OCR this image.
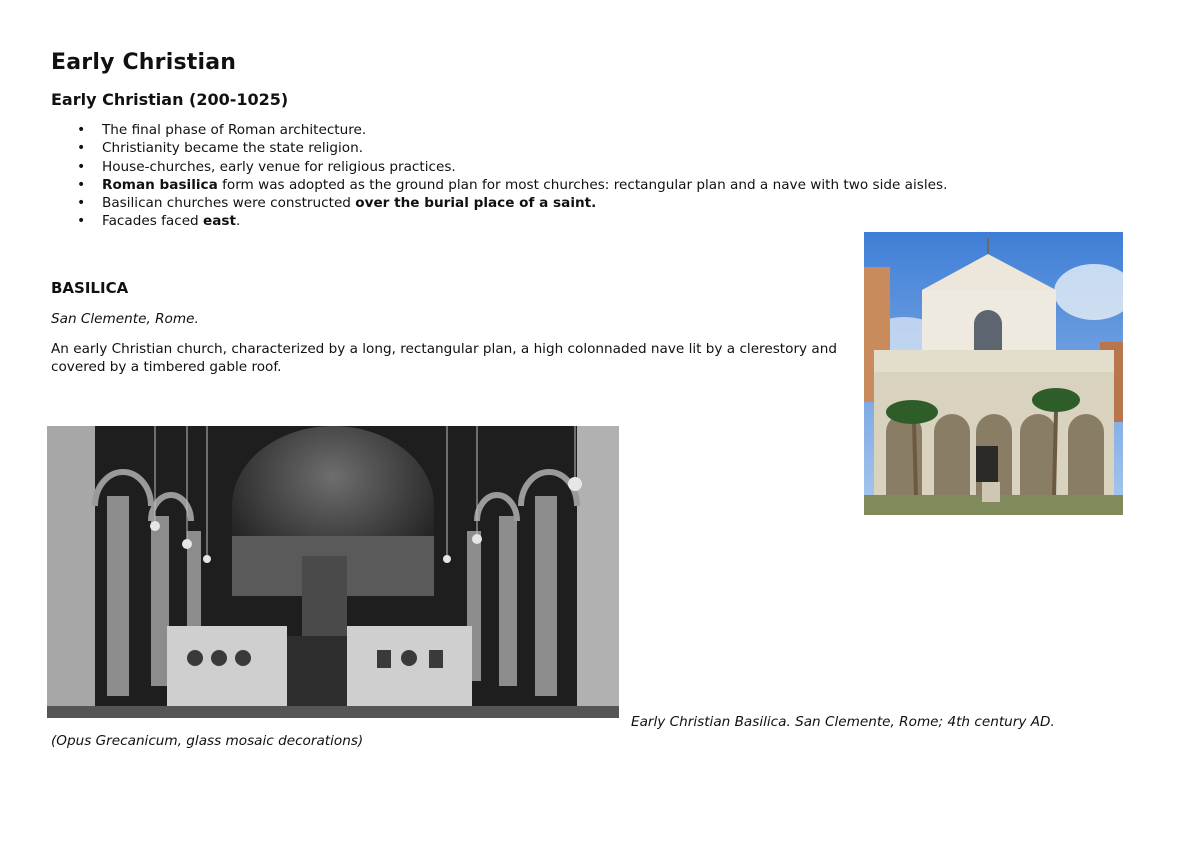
Early Christian
Early Christian (200-1025)
• The final phase of Roman architecture.
• Christianity became the state religion.
• House-churches, early venue for religious practices.
• Roman basilica form was adopted as the ground plan for most churches: rectangular plan and a nave with two side aisles.
• Basilican churches were constructed over the burial place of a saint.
• Facades faced east.
BASILICA
San Clemente, Rome.

An early Christian church, characterized by a long, rectangular plan, a high colonnaded nave lit by a clerestory and covered by a timbered gable roof.

Early Christian Basilica. San Clemente, Rome; 4th century AD.
(Opus Grecanicum, glass mosaic decorations)
